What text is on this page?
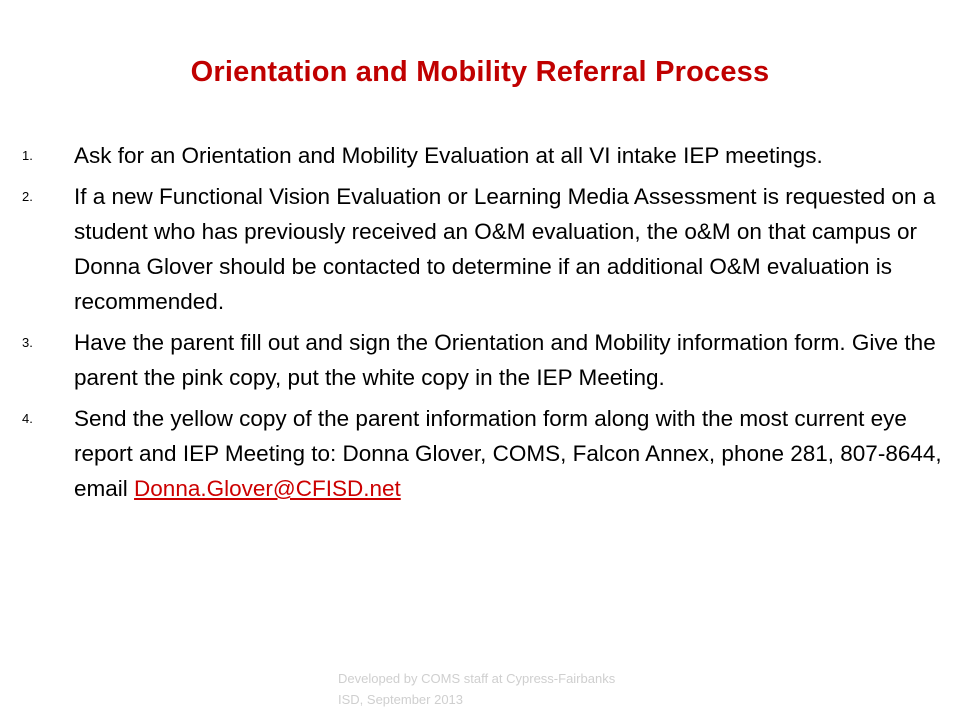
Orientation and Mobility Referral Process
1. Ask for an Orientation and Mobility Evaluation at all VI intake IEP meetings.
2. If a new Functional Vision Evaluation or Learning Media Assessment is requested on a student who has previously received an O&M evaluation, the o&M on that campus or Donna Glover should be contacted to determine if an additional O&M evaluation is recommended.
3. Have the parent fill out and sign the Orientation and Mobility information form. Give the parent the pink copy, put the white copy in the IEP Meeting.
4. Send the yellow copy of the parent information form along with the most current eye report and IEP Meeting to: Donna Glover, COMS, Falcon Annex, phone 281, 807-8644, email Donna.Glover@CFISD.net
Developed by COMS staff at Cypress-Fairbanks ISD, September 2013
